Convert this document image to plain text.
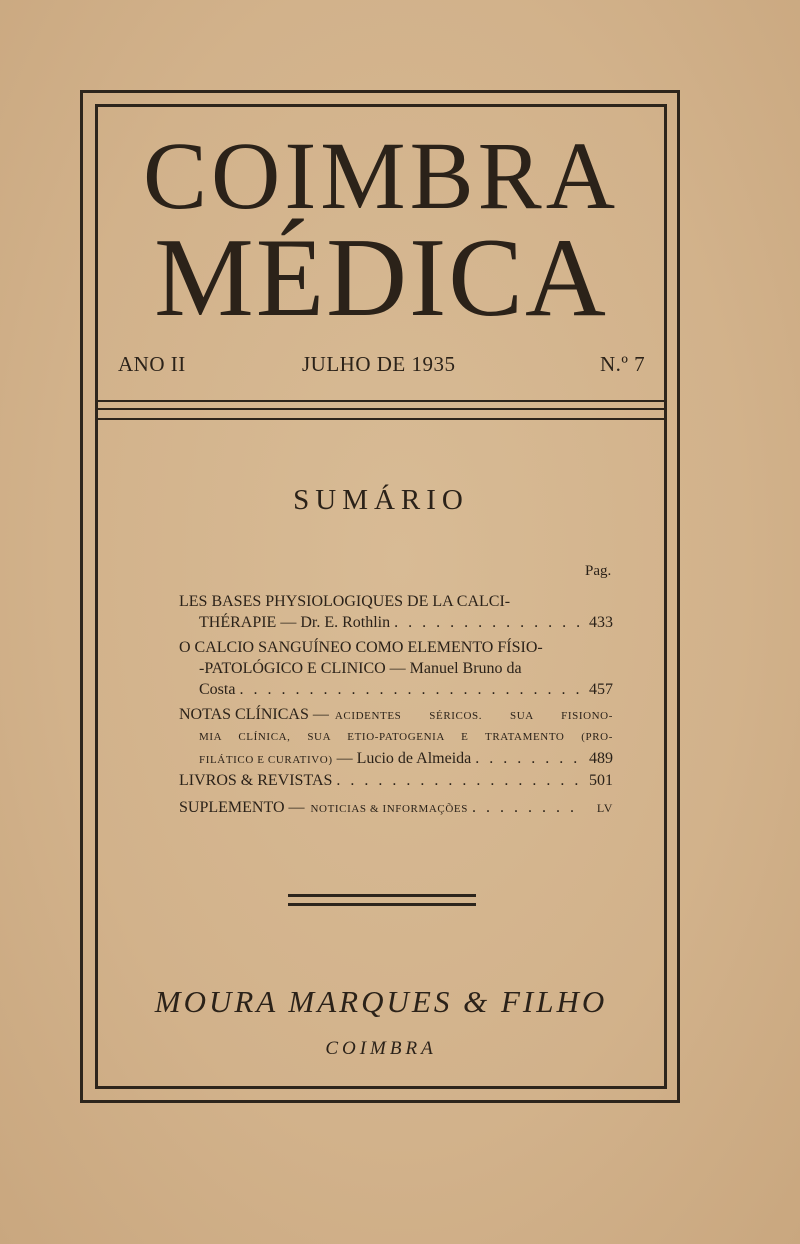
COIMBRA
MÉDICA
ANO II	JULHO DE 1935	N.º 7
SUMÁRIO
Pag.
LES BASES PHYSIOLOGIQUES DE LA CALCI-
THÉRAPIE — Dr. E. Rothlin . . .	433
O CALCIO SANGUÍNEO COMO ELEMENTO FÍSIO-
-PATOLÓGICO E CLINICO — Manuel Bruno da
Costa . . .	457
NOTAS CLÍNICAS — ACIDENTES SÉRICOS. SUA FISIONO-
MIA CLÍNICA, SUA ETIO-PATOGENIA E TRATAMENTO (PRO-
FILÁTICO E CURATIVO) — Lucio de Almeida . . .	489
LIVROS & REVISTAS . . .	501
SUPLEMENTO — NOTICIAS & INFORMAÇÕES . . .	LV
MOURA MARQUES & FILHO
COIMBRA
